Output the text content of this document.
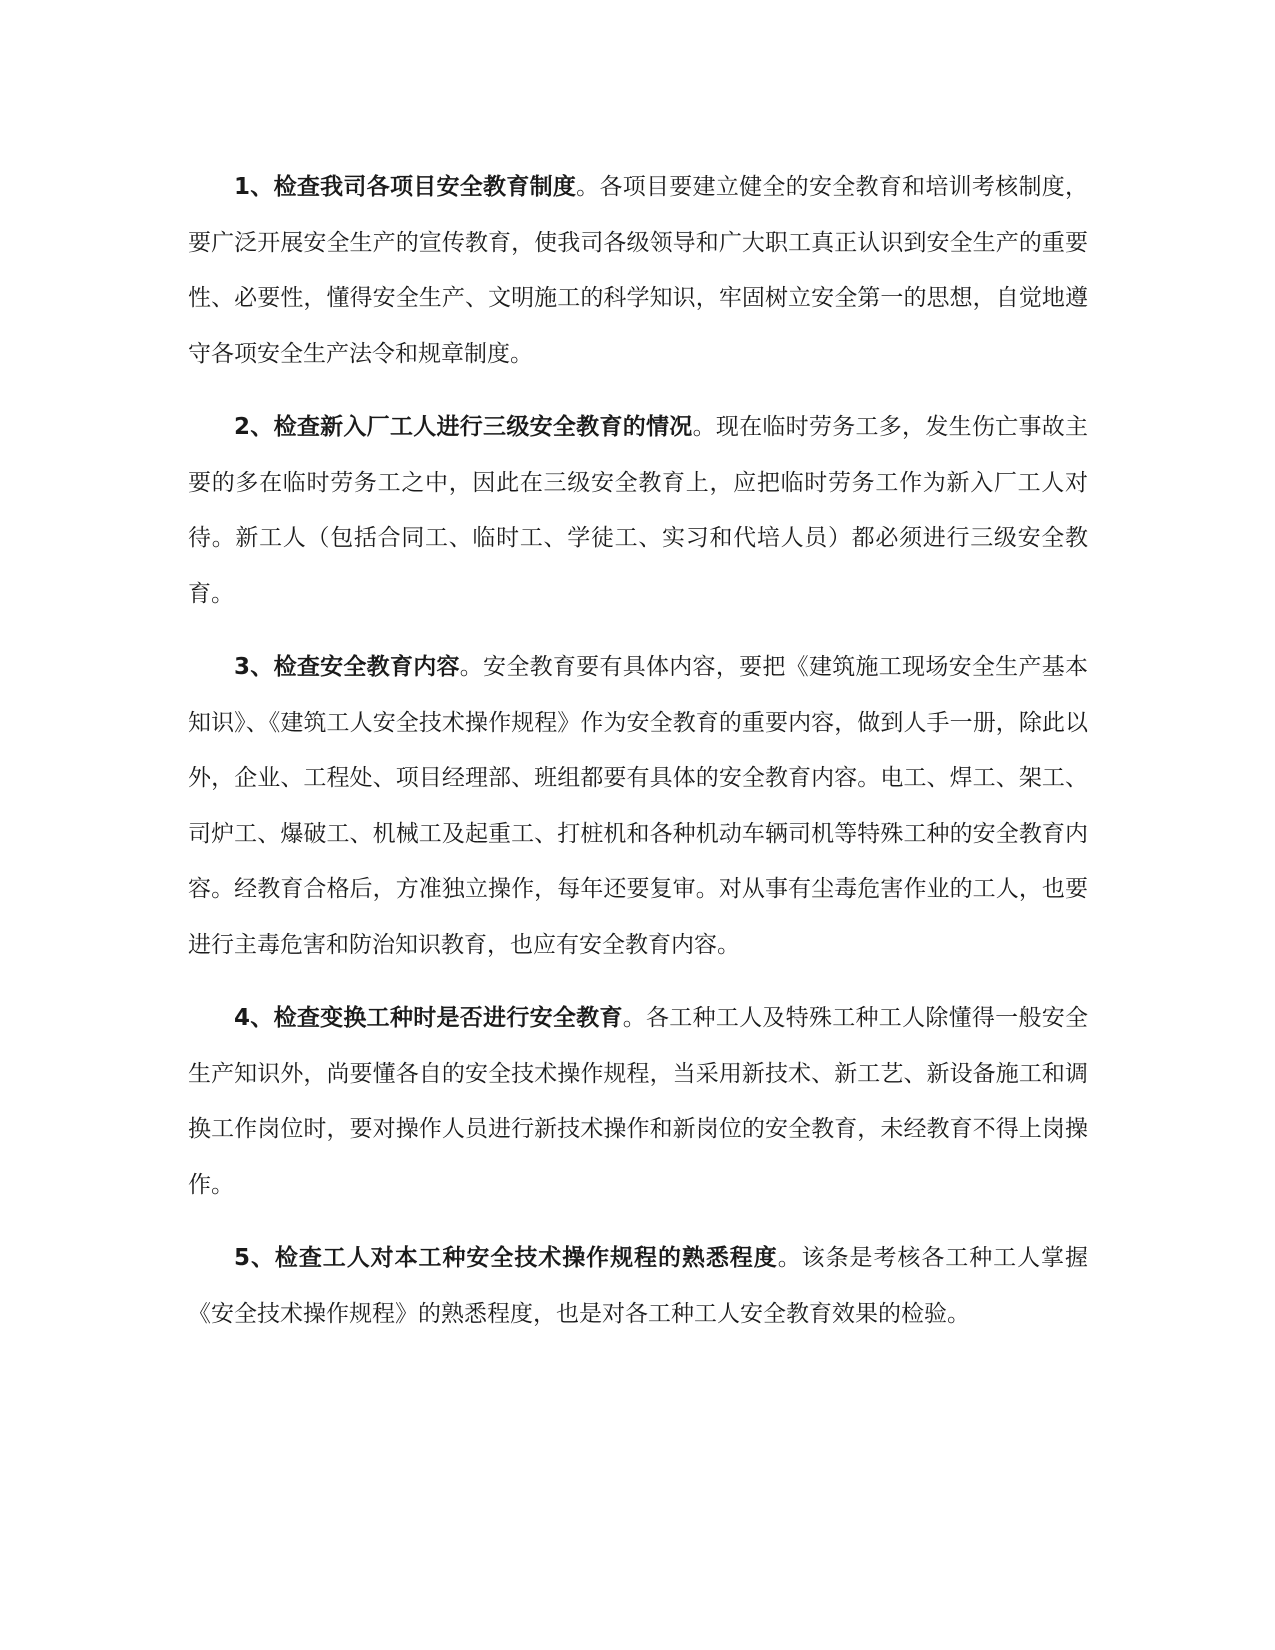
1、检查我司各项目安全教育制度。各项目要建立健全的安全教育和培训考核制度，要广泛开展安全生产的宣传教育，使我司各级领导和广大职工真正认识到安全生产的重要性、必要性，懂得安全生产、文明施工的科学知识，牢固树立安全第一的思想，自觉地遵守各项安全生产法令和规章制度。

2、检查新入厂工人进行三级安全教育的情况。现在临时劳务工多，发生伤亡事故主要的多在临时劳务工之中，因此在三级安全教育上，应把临时劳务工作为新入厂工人对待。新工人（包括合同工、临时工、学徒工、实习和代培人员）都必须进行三级安全教育。

3、检查安全教育内容。安全教育要有具体内容，要把《建筑施工现场安全生产基本知识》、《建筑工人安全技术操作规程》作为安全教育的重要内容，做到人手一册，除此以外，企业、工程处、项目经理部、班组都要有具体的安全教育内容。电工、焊工、架工、司炉工、爆破工、机械工及起重工、打桩机和各种机动车辆司机等特殊工种的安全教育内容。经教育合格后，方准独立操作，每年还要复审。对从事有尘毒危害作业的工人，也要进行主毒危害和防治知识教育，也应有安全教育内容。

4、检查变换工种时是否进行安全教育。各工种工人及特殊工种工人除懂得一般安全生产知识外，尚要懂各自的安全技术操作规程，当采用新技术、新工艺、新设备施工和调换工作岗位时，要对操作人员进行新技术操作和新岗位的安全教育，未经教育不得上岗操作。

5、检查工人对本工种安全技术操作规程的熟悉程度。该条是考核各工种工人掌握《安全技术操作规程》的熟悉程度，也是对各工种工人安全教育效果的检验。
